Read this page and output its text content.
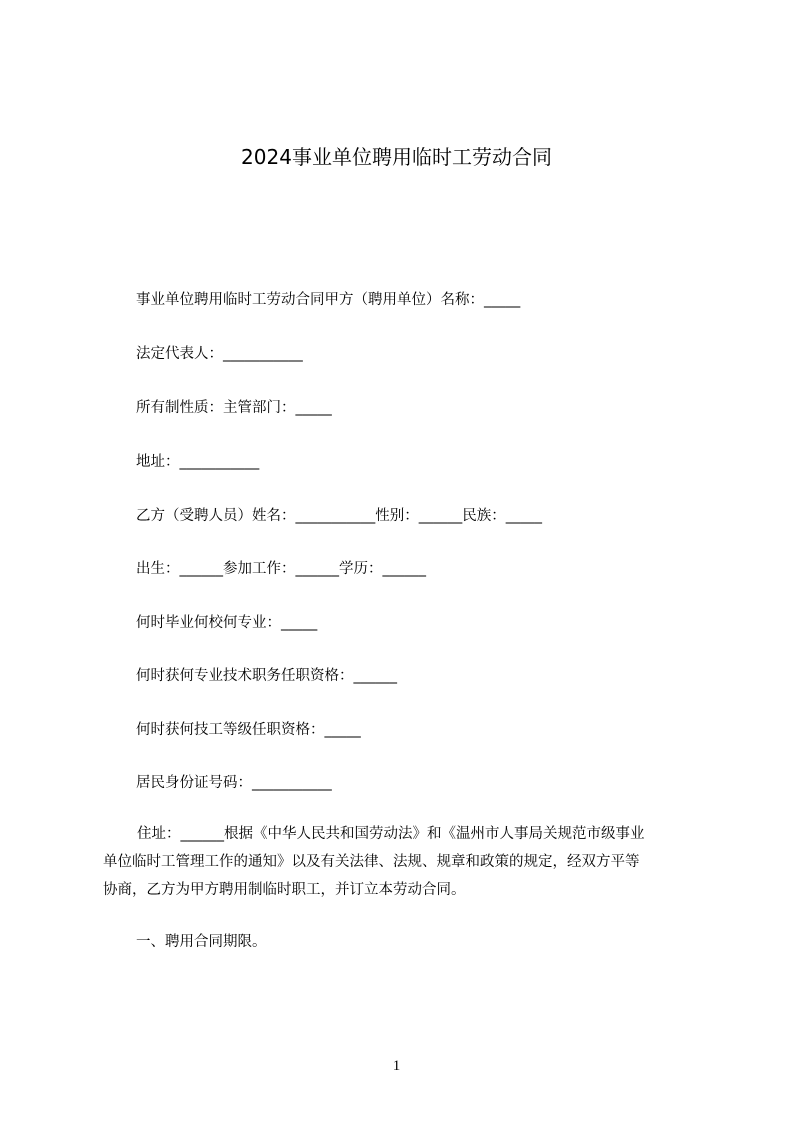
2024事业单位聘用临时工劳动合同

事业单位聘用临时工劳动合同甲方（聘用单位）名称：_____

法定代表人：___________

所有制性质：主管部门：_____

地址：___________

乙方（受聘人员）姓名：___________性别：______民族：_____

出生：______参加工作：______学历：______

何时毕业何校何专业：_____

何时获何专业技术职务任职资格：______

何时获何技工等级任职资格：_____

居民身份证号码：___________

住址：______根据《中华人民共和国劳动法》和《温州市人事局关规范市级事业
单位临时工管理工作的通知》以及有关法律、法规、规章和政策的规定，经双方平等
协商，乙方为甲方聘用制临时职工，并订立本劳动合同。

一、聘用合同期限。

1
